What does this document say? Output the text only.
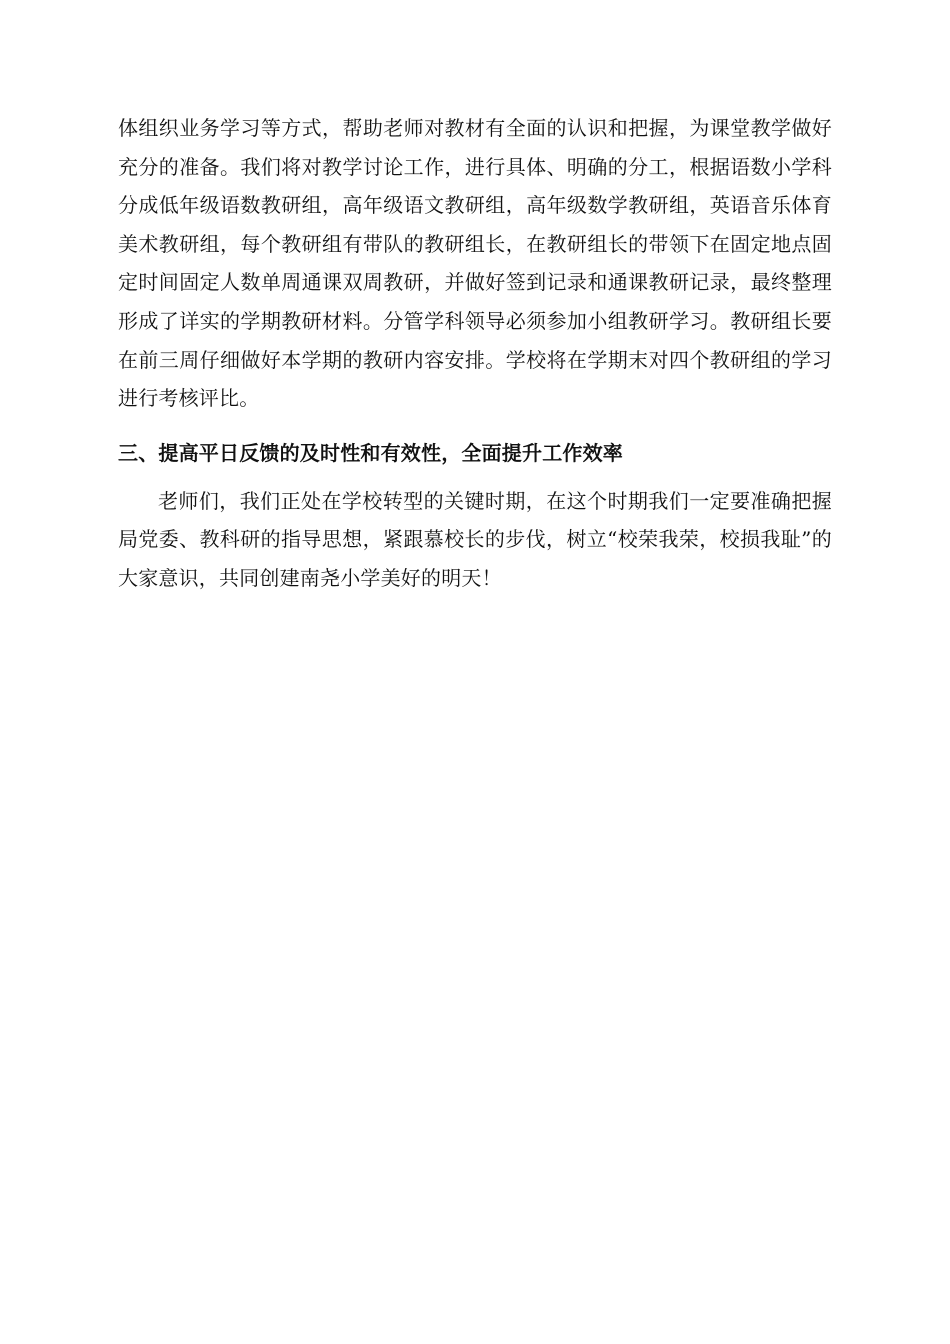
体组织业务学习等方式，帮助老师对教材有全面的认识和把握，为课堂教学做好充分的准备。我们将对教学讨论工作，进行具体、明确的分工，根据语数小学科分成低年级语数教研组，高年级语文教研组，高年级数学教研组，英语音乐体育美术教研组，每个教研组有带队的教研组长，在教研组长的带领下在固定地点固定时间固定人数单周通课双周教研，并做好签到记录和通课教研记录，最终整理形成了详实的学期教研材料。分管学科领导必须参加小组教研学习。教研组长要在前三周仔细做好本学期的教研内容安排。学校将在学期末对四个教研组的学习进行考核评比。

三、提高平日反馈的及时性和有效性，全面提升工作效率

老师们，我们正处在学校转型的关键时期，在这个时期我们一定要准确把握局党委、教科研的指导思想，紧跟慕校长的步伐，树立“校荣我荣，校损我耻”的大家意识，共同创建南尧小学美好的明天！
